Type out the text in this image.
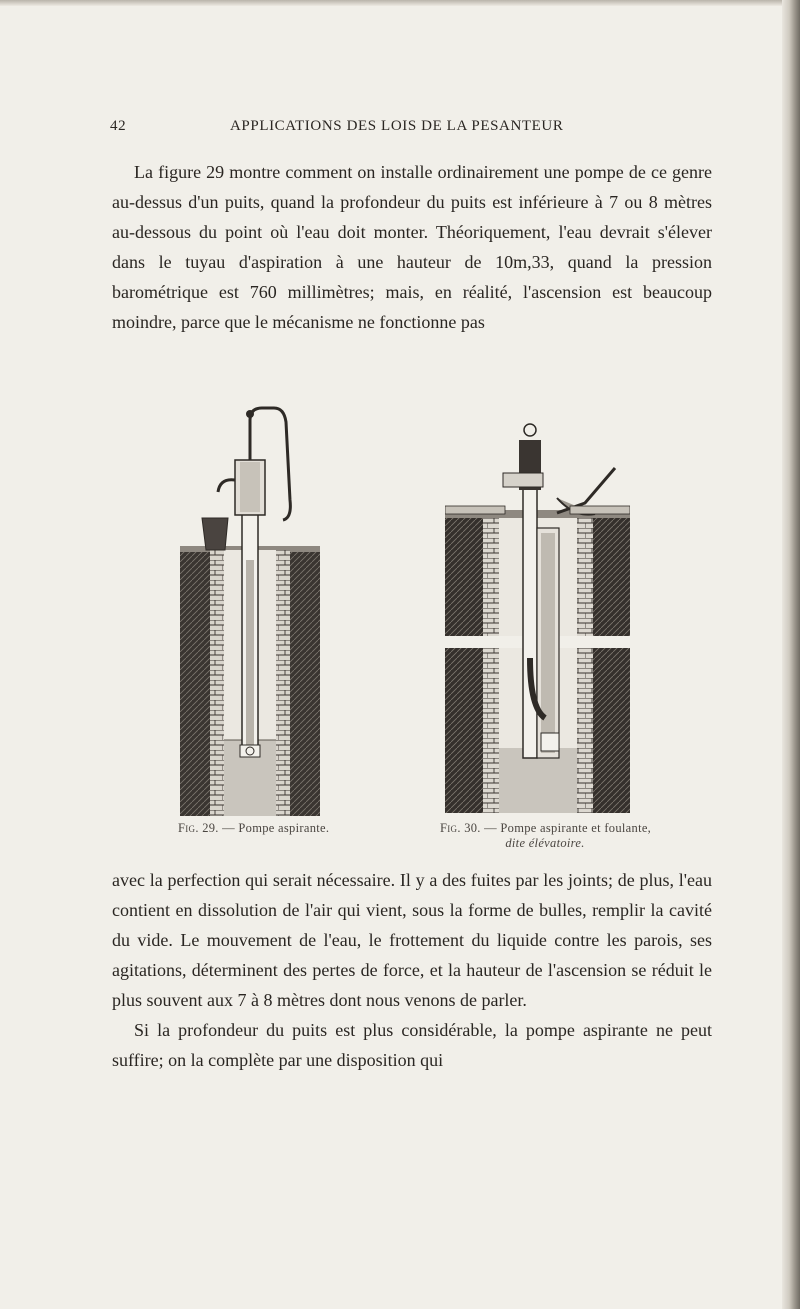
42	APPLICATIONS DES LOIS DE LA PESANTEUR

La figure 29 montre comment on installe ordinairement une pompe de ce genre au-dessus d'un puits, quand la profondeur du puits est inférieure à 7 ou 8 mètres au-dessous du point où l'eau doit monter. Théoriquement, l'eau devrait s'élever dans le tuyau d'aspiration à une hauteur de 10m,33, quand la pression barométrique est 760 millimètres; mais, en réalité, l'ascension est beaucoup moindre, parce que le mécanisme ne fonctionne pas

Fig. 29. — Pompe aspirante.	Fig. 30. — Pompe aspirante et foulante,
dite élévatoire.

avec la perfection qui serait nécessaire. Il y a des fuites par les joints; de plus, l'eau contient en dissolution de l'air qui vient, sous la forme de bulles, remplir la cavité du vide. Le mouvement de l'eau, le frottement du liquide contre les parois, ses agitations, déterminent des pertes de force, et la hauteur de l'ascension se réduit le plus souvent aux 7 à 8 mètres dont nous venons de parler.

Si la profondeur du puits est plus considérable, la pompe aspirante ne peut suffire; on la complète par une disposition qui
